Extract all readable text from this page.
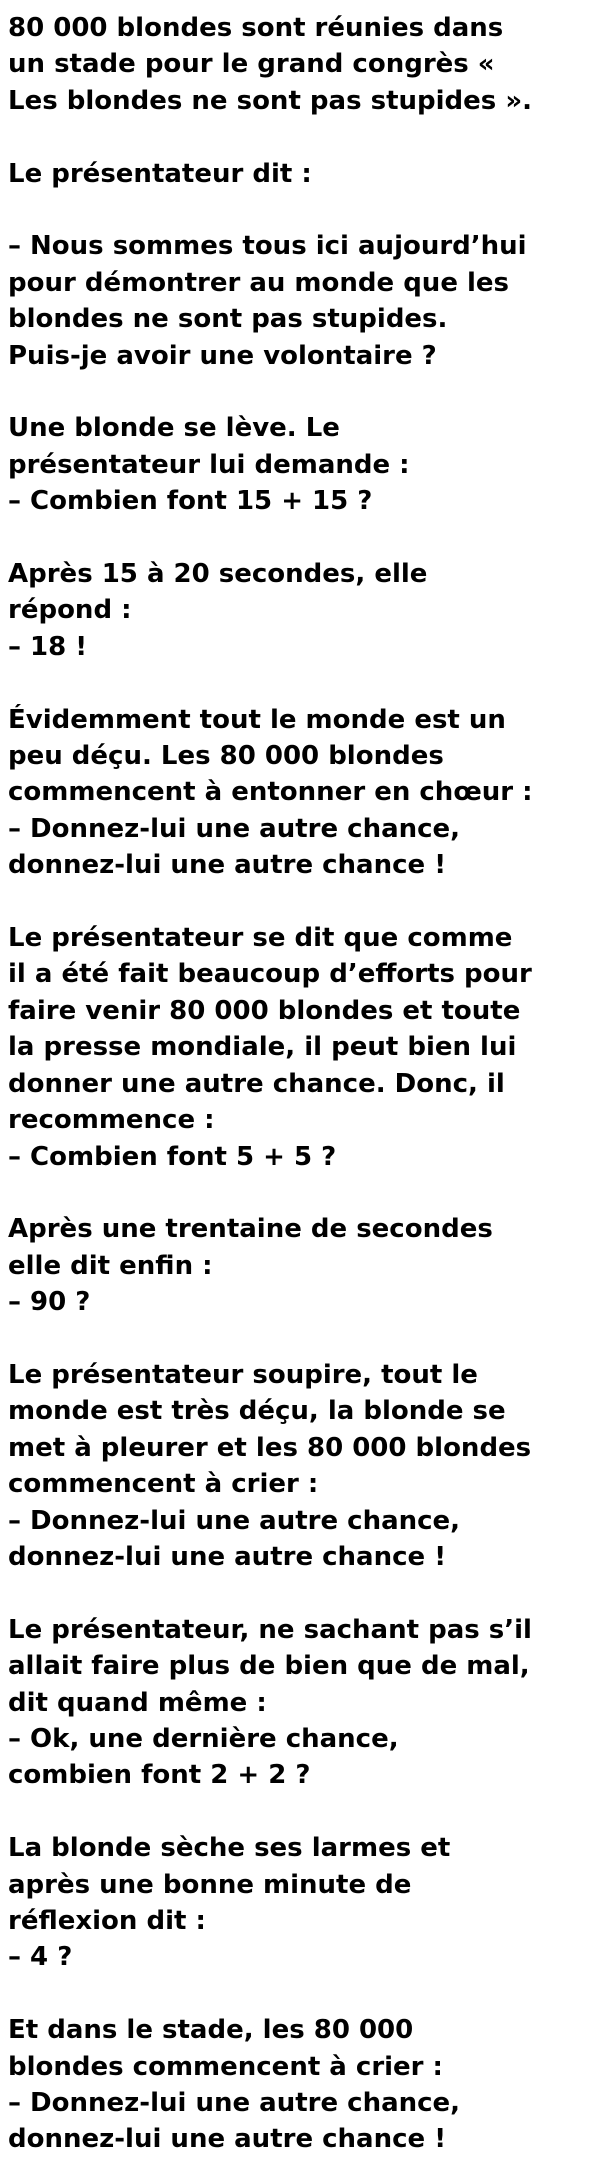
80 000 blondes sont réunies dans
un stade pour le grand congrès «
Les blondes ne sont pas stupides ».

Le présentateur dit :

– Nous sommes tous ici aujourd’hui
pour démontrer au monde que les
blondes ne sont pas stupides.
Puis-je avoir une volontaire ?

Une blonde se lève. Le
présentateur lui demande :
– Combien font 15 + 15 ?

Après 15 à 20 secondes, elle
répond :
– 18 !

Évidemment tout le monde est un
peu déçu. Les 80 000 blondes
commencent à entonner en chœur :
– Donnez-lui une autre chance,
donnez-lui une autre chance !

Le présentateur se dit que comme
il a été fait beaucoup d’efforts pour
faire venir 80 000 blondes et toute
la presse mondiale, il peut bien lui
donner une autre chance. Donc, il
recommence :
– Combien font 5 + 5 ?

Après une trentaine de secondes
elle dit enfin :
– 90 ?

Le présentateur soupire, tout le
monde est très déçu, la blonde se
met à pleurer et les 80 000 blondes
commencent à crier :
– Donnez-lui une autre chance,
donnez-lui une autre chance !

Le présentateur, ne sachant pas s’il
allait faire plus de bien que de mal,
dit quand même :
– Ok, une dernière chance,
combien font 2 + 2 ?

La blonde sèche ses larmes et
après une bonne minute de
réflexion dit :
– 4 ?

Et dans le stade, les 80 000
blondes commencent à crier :
– Donnez-lui une autre chance,
donnez-lui une autre chance !
